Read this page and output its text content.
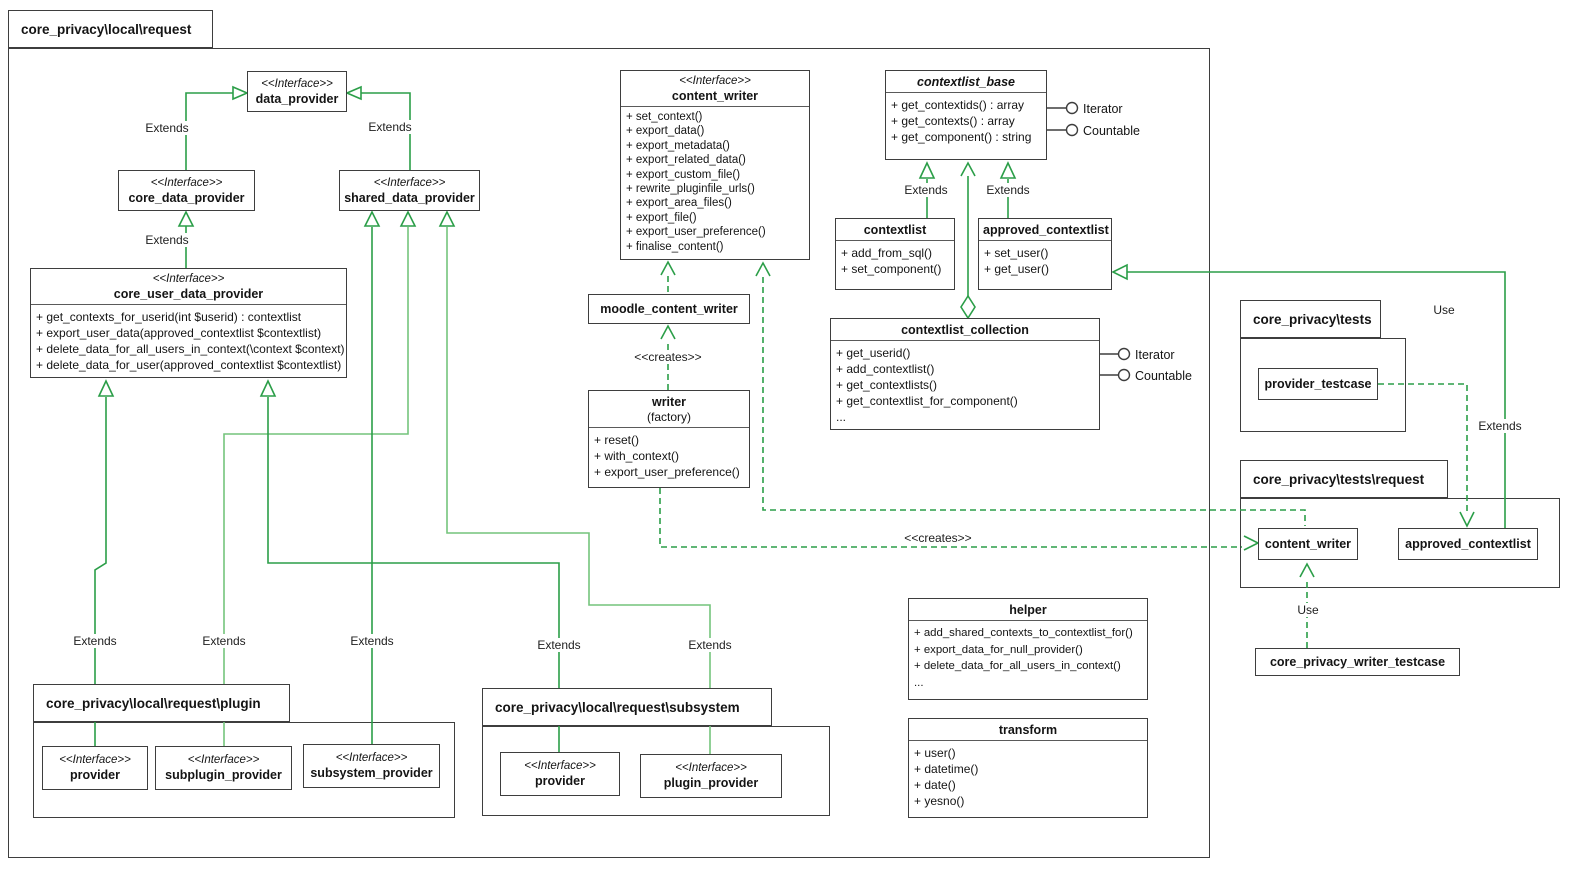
Iterator
Countable
Iterator
Countable
core_privacy\local\request
core_privacy\local\request\plugin	core_privacy\local\request\subsystem
core_privacy\tests
core_privacy\tests\request
<<Interface>>
data_provider
<<Interface>>
core_data_provider
<<Interface>>
shared_data_provider
<<Interface>>
core_user_data_provider
+ get_contexts_for_userid(int $userid) : contextlist
+ export_user_data(approved_contextlist $contextlist)
+ delete_data_for_all_users_in_context(\context $context)
+ delete_data_for_user(approved_contextlist $contextlist)
<<Interface>>
content_writer
+ set_context()
+ export_data()
+ export_metadata()
+ export_related_data()
+ export_custom_file()
+ rewrite_pluginfile_urls()
+ export_area_files()
+ export_file()
+ export_user_preference()
+ finalise_content()
contextlist_base
+ get_contextids() : array
+ get_contexts() : array
+ get_component() : string
contextlist
+ add_from_sql()
+ set_component()
approved_contextlist
+ set_user()
+ get_user()
contextlist_collection
+ get_userid()
+ add_contextlist()
+ get_contextlists()
+ get_contextlist_for_component()
...
moodle_content_writer
writer
(factory)
+ reset()
+ with_context()
+ export_user_preference()
helper
+ add_shared_contexts_to_contextlist_for()
+ export_data_for_null_provider()
+ delete_data_for_all_users_in_context()
...
transform
+ user()
+ datetime()
+ date()
+ yesno()
<<Interface>>
provider
<<Interface>>
subplugin_provider
<<Interface>>
subsystem_provider	<<Interface>>
provider
<<Interface>>
plugin_provider
provider_testcase
content_writer	approved_contextlist
core_privacy_writer_testcase
Extends	Extends
Extends
Extends	Extends
<<creates>>
<<creates>>
Use
Extends
Use
Extends	Extends	Extends	Extends	Extends
